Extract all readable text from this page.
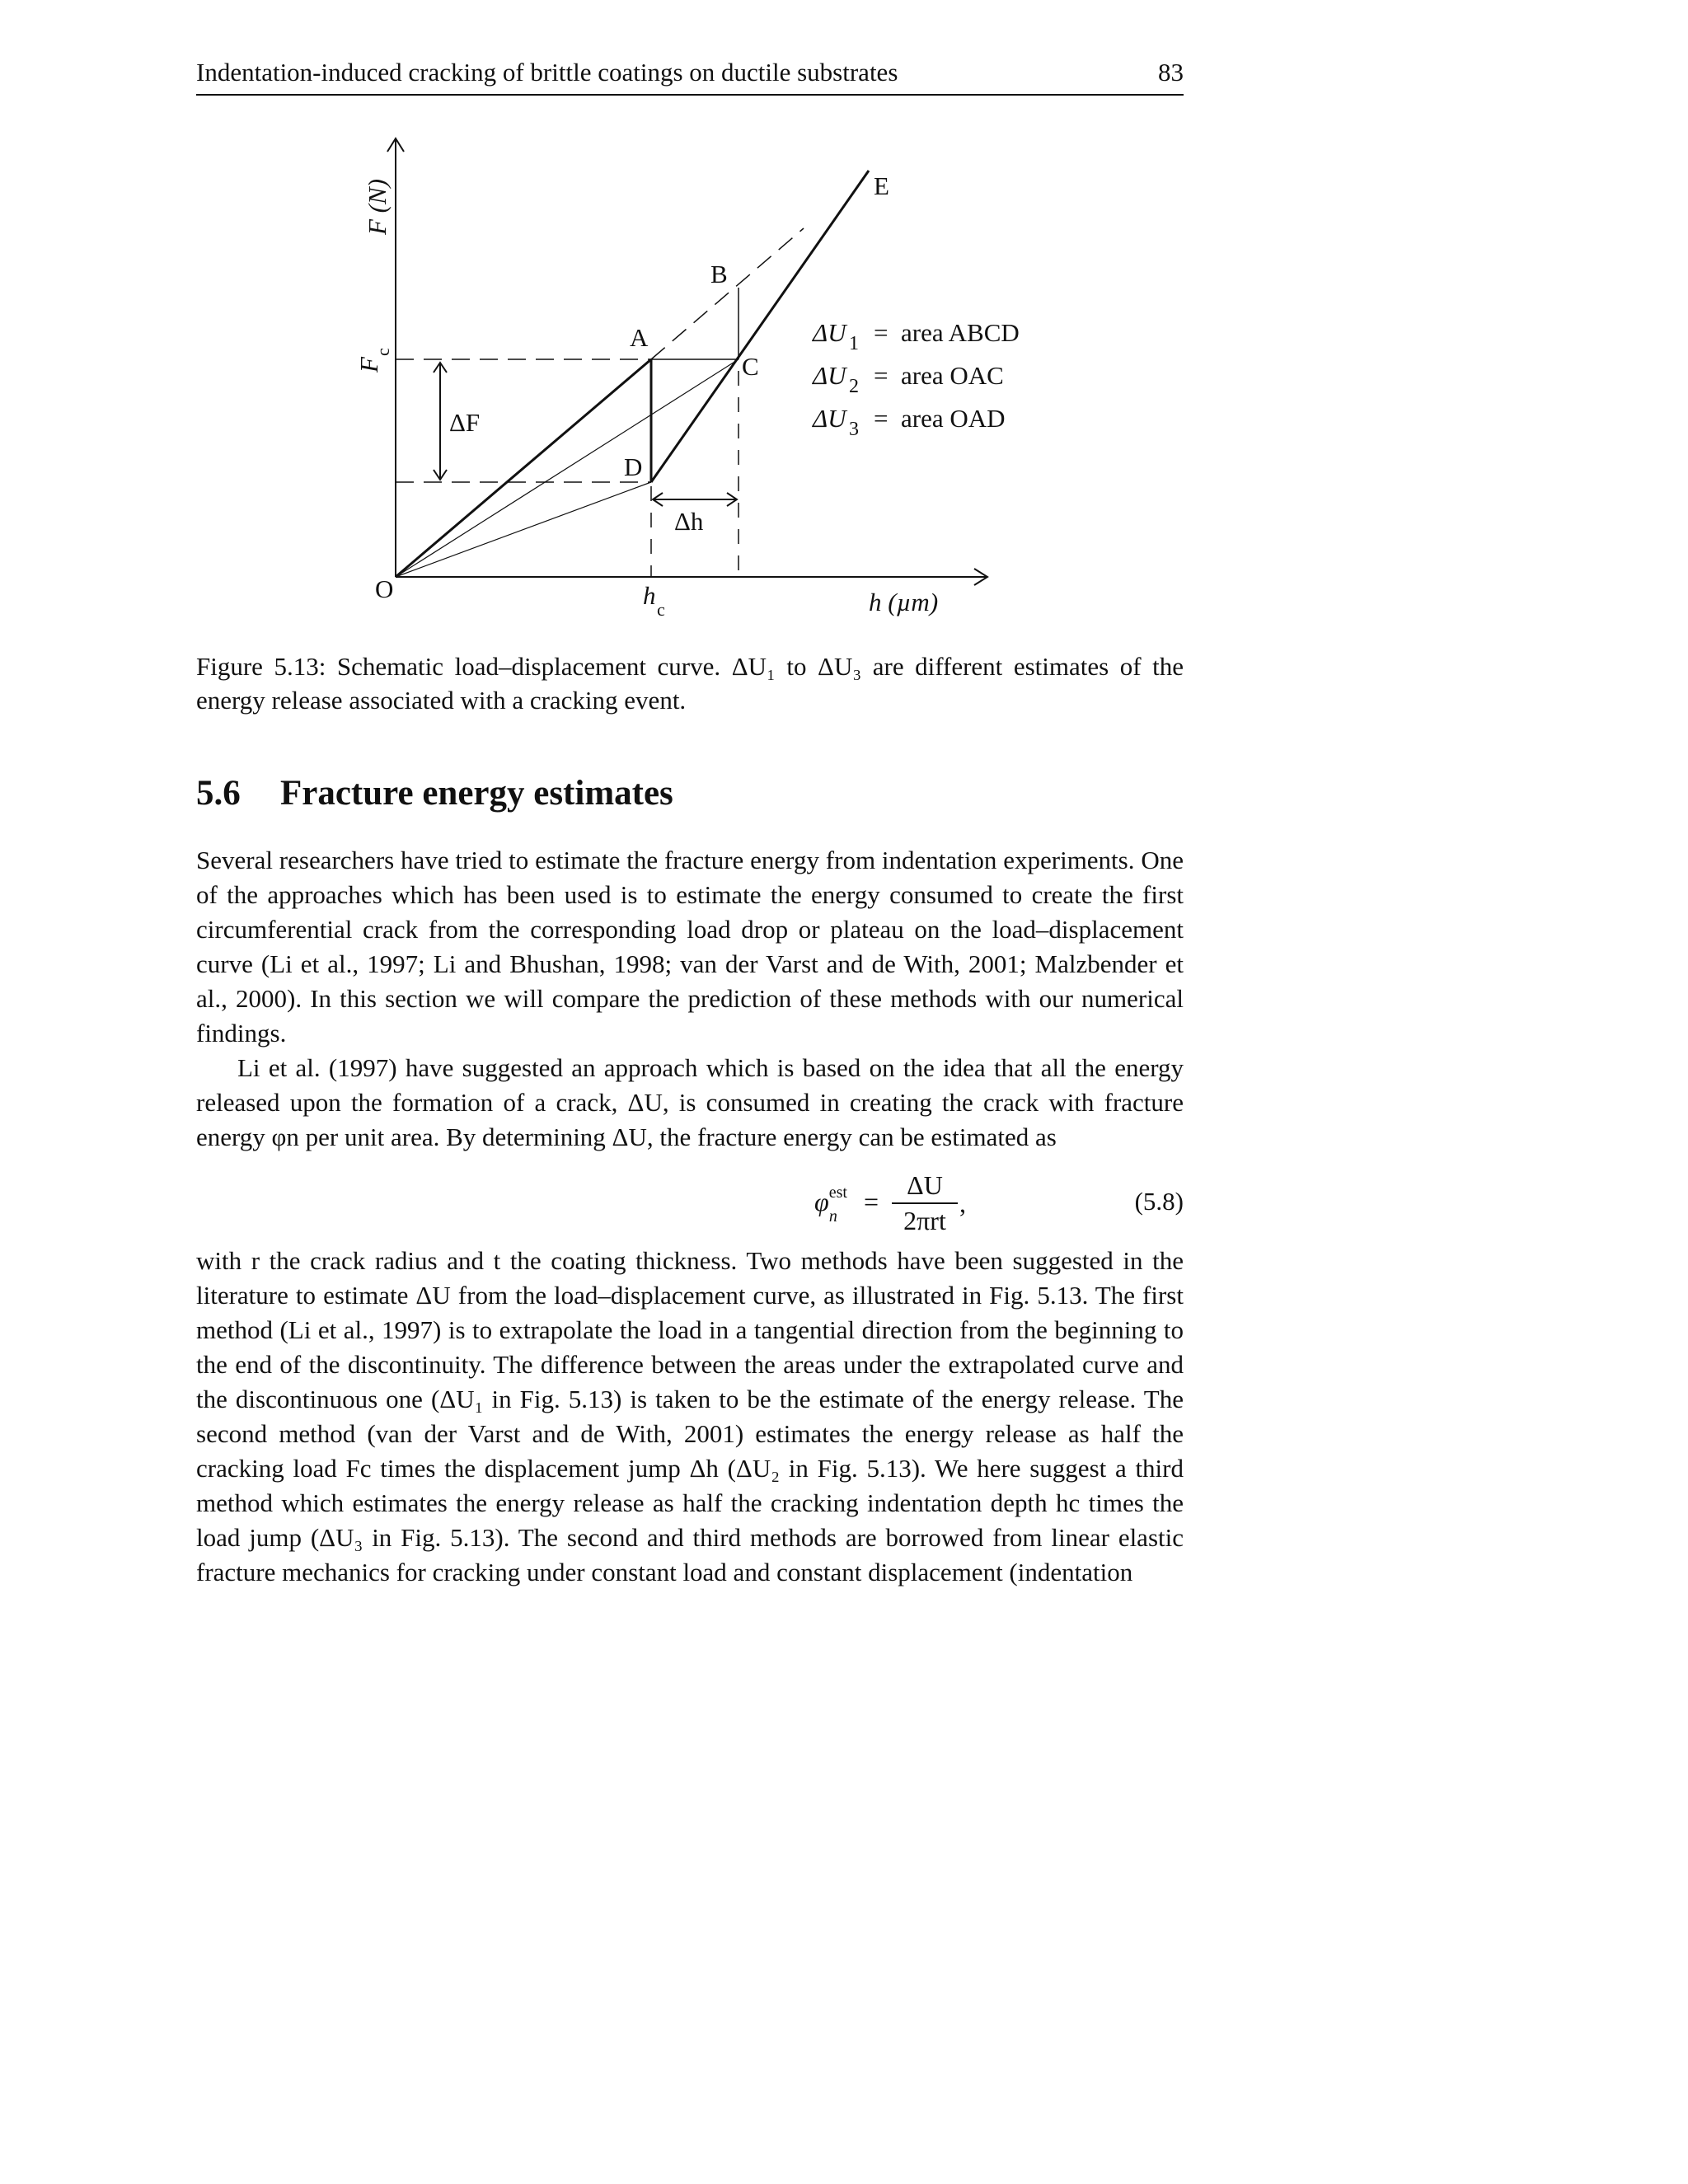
Indentation-induced cracking of brittle coatings on ductile substrates	83
F (N)
h (µm)
O
F
c
h c
ΔF
Δh
A
B
C
D
E
ΔU 1 = area ABCD
ΔU 2 = area OAC
ΔU 3 = area OAD
Figure 5.13: Schematic load–displacement curve. ΔU₁ to ΔU₃ are different estimates of the energy release associated with a cracking event.
5.6 Fracture energy estimates

Several researchers have tried to estimate the fracture energy from indentation experiments. One of the approaches which has been used is to estimate the energy consumed to create the first circumferential crack from the corresponding load drop or plateau on the load–displacement curve (Li et al., 1997; Li and Bhushan, 1998; van der Varst and de With, 2001; Malzbender et al., 2000). In this section we will compare the prediction of these methods with our numerical findings.

Li et al. (1997) have suggested an approach which is based on the idea that all the energy released upon the formation of a crack, ΔU, is consumed in creating the crack with fracture energy φn per unit area. By determining ΔU, the fracture energy can be estimated as

$\varphi^{est}_n$
=
ΔU
2πrt
,	(5.8)

with r the crack radius and t the coating thickness. Two methods have been suggested in the literature to estimate ΔU from the load–displacement curve, as illustrated in Fig. 5.13. The first method (Li et al., 1997) is to extrapolate the load in a tangential direction from the beginning to the end of the discontinuity. The difference between the areas under the extrapolated curve and the discontinuous one (ΔU₁ in Fig. 5.13) is taken to be the estimate of the energy release. The second method (van der Varst and de With, 2001) estimates the energy release as half the cracking load Fc times the displacement jump Δh (ΔU₂ in Fig. 5.13). We here suggest a third method which estimates the energy release as half the cracking indentation depth hc times the load jump (ΔU₃ in Fig. 5.13). The second and third methods are borrowed from linear elastic fracture mechanics for cracking under constant load and constant displacement (indentation
